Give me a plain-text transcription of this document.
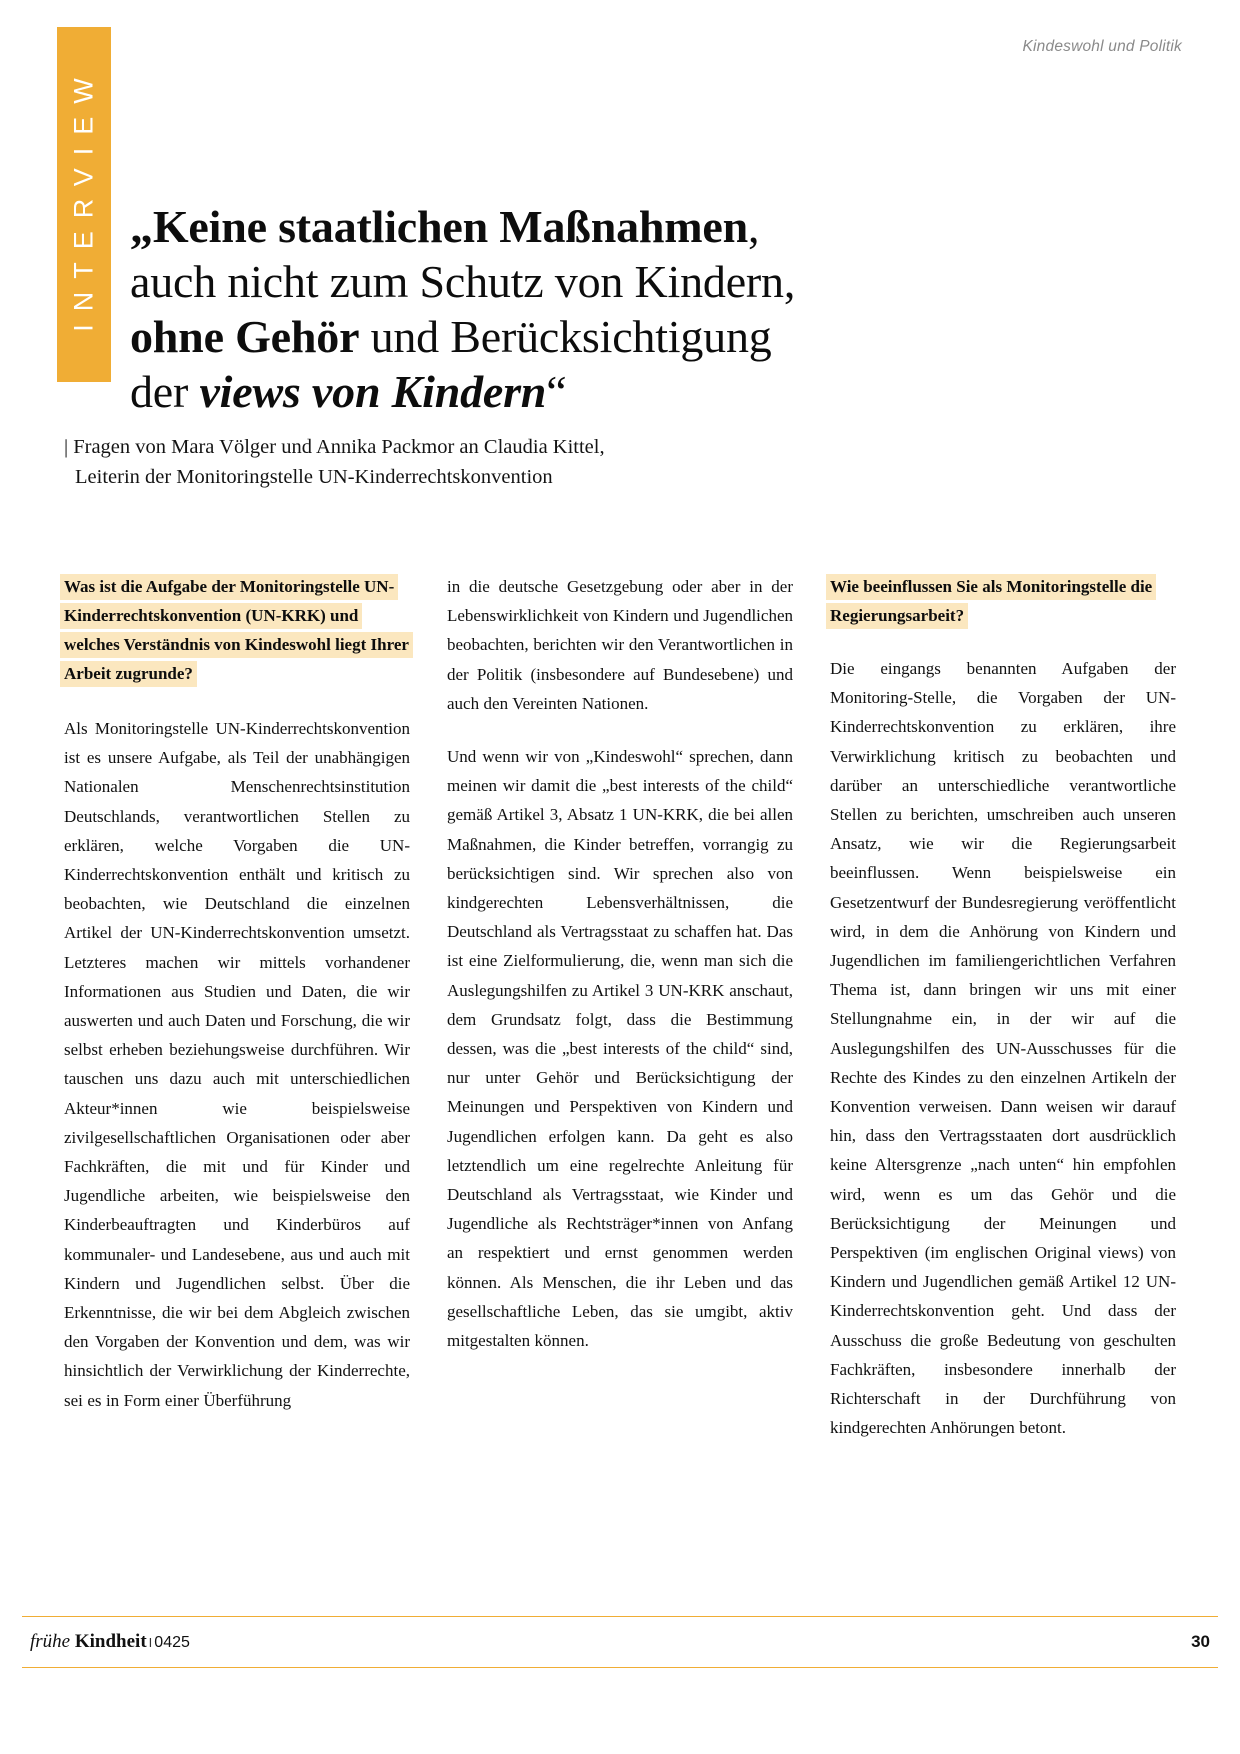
Kindeswohl und Politik
INTERVIEW „Keine staatlichen Maßnahmen,
auch nicht zum Schutz von Kindern,
ohne Gehör und Berücksichtigung
der views von Kindern“
| Fragen von Mara Völger und Annika Packmor an Claudia Kittel,
Leiterin der Monitoringstelle UN-Kinderrechtskonvention
Was ist die Aufgabe der Monitoringstelle UN-Kinderrechtskonvention (UN-KRK) und welches Verständnis von Kindeswohl liegt Ihrer Arbeit zugrunde?

Als Monitoringstelle UN-Kinderrechtskonvention ist es unsere Aufgabe, als Teil der unabhängigen Nationalen Menschenrechtsinstitution Deutschlands, verantwortlichen Stellen zu erklären, welche Vorgaben die UN-Kinderrechtskonvention enthält und kritisch zu beobachten, wie Deutschland die einzelnen Artikel der UN-Kinderrechtskonvention umsetzt. Letzteres machen wir mittels vorhandener Informationen aus Studien und Daten, die wir auswerten und auch Daten und Forschung, die wir selbst erheben beziehungsweise durchführen. Wir tauschen uns dazu auch mit unterschiedlichen Akteur*innen wie beispielsweise zivilgesellschaftlichen Organisationen oder aber Fachkräften, die mit und für Kinder und Jugendliche arbeiten, wie beispielsweise den Kinderbeauftragten und Kinderbüros auf kommunaler- und Landesebene, aus und auch mit Kindern und Jugendlichen selbst. Über die Erkenntnisse, die wir bei dem Abgleich zwischen den Vorgaben der Konvention und dem, was wir hinsichtlich der Verwirklichung der Kinderrechte, sei es in Form einer Überführung

in die deutsche Gesetzgebung oder aber in der Lebenswirklichkeit von Kindern und Jugendlichen beobachten, berichten wir den Verantwortlichen in der Politik (insbesondere auf Bundesebene) und auch den Vereinten Nationen.

Und wenn wir von „Kindeswohl“ sprechen, dann meinen wir damit die „best interests of the child“ gemäß Artikel 3, Absatz 1 UN-KRK, die bei allen Maßnahmen, die Kinder betreffen, vorrangig zu berücksichtigen sind. Wir sprechen also von kindgerechten Lebensverhältnissen, die Deutschland als Vertragsstaat zu schaffen hat. Das ist eine Zielformulierung, die, wenn man sich die Auslegungshilfen zu Artikel 3 UN-KRK anschaut, dem Grundsatz folgt, dass die Bestimmung dessen, was die „best interests of the child“ sind, nur unter Gehör und Berücksichtigung der Meinungen und Perspektiven von Kindern und Jugendlichen erfolgen kann. Da geht es also letztendlich um eine regelrechte Anleitung für Deutschland als Vertragsstaat, wie Kinder und Jugendliche als Rechtsträger*innen von Anfang an respektiert und ernst genommen werden können. Als Menschen, die ihr Leben und das gesellschaftliche Leben, das sie umgibt, aktiv mitgestalten können.

Wie beeinflussen Sie als Monitoringstelle die Regierungsarbeit?

Die eingangs benannten Aufgaben der Monitoring-Stelle, die Vorgaben der UN-Kinderrechtskonvention zu erklären, ihre Verwirklichung kritisch zu beobachten und darüber an unterschiedliche verantwortliche Stellen zu berichten, umschreiben auch unseren Ansatz, wie wir die Regierungsarbeit beeinflussen. Wenn beispielsweise ein Gesetzentwurf der Bundesregierung veröffentlicht wird, in dem die Anhörung von Kindern und Jugendlichen im familiengerichtlichen Verfahren Thema ist, dann bringen wir uns mit einer Stellungnahme ein, in der wir auf die Auslegungshilfen des UN-Ausschusses für die Rechte des Kindes zu den einzelnen Artikeln der Konvention verweisen. Dann weisen wir darauf hin, dass den Vertragsstaaten dort ausdrücklich keine Altersgrenze „nach unten“ hin empfohlen wird, wenn es um das Gehör und die Berücksichtigung der Meinungen und Perspektiven (im englischen Original views) von Kindern und Jugendlichen gemäß Artikel 12 UN-Kinderrechtskonvention geht. Und dass der Ausschuss die große Bedeutung von geschulten Fachkräften, insbesondere innerhalb der Richterschaft in der Durchführung von kindgerechten Anhörungen betont.

frühe Kindheit I 0425	30
